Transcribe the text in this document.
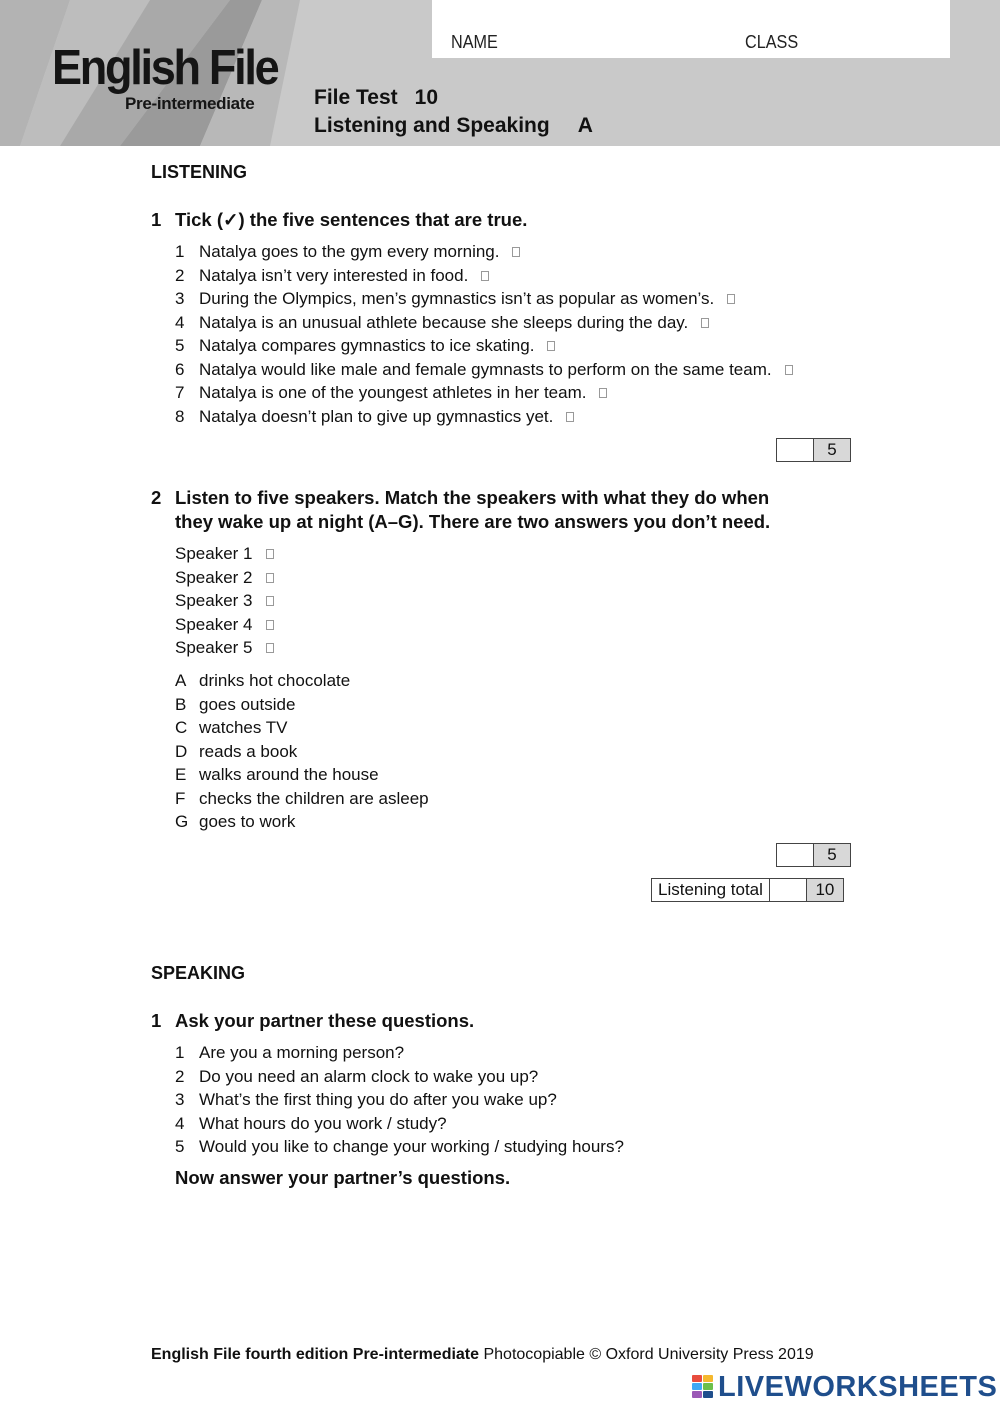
English File
Pre-intermediate
NAME	CLASS
File Test 10
Listening and Speaking A
LISTENING
1 Tick (✓) the five sentences that are true.
1 Natalya goes to the gym every morning.
2 Natalya isn’t very interested in food.
3 During the Olympics, men’s gymnastics isn’t as popular as women’s.
4 Natalya is an unusual athlete because she sleeps during the day.
5 Natalya compares gymnastics to ice skating.
6 Natalya would like male and female gymnasts to perform on the same team.
7 Natalya is one of the youngest athletes in her team.
8 Natalya doesn’t plan to give up gymnastics yet.
5
2 Listen to five speakers. Match the speakers with what they do when
they wake up at night (A–G). There are two answers you don’t need.
Speaker 1
Speaker 2
Speaker 3
Speaker 4
Speaker 5
A drinks hot chocolate
B goes outside
C watches TV
D reads a book
E walks around the house
F checks the children are asleep
G goes to work
5
Listening total	10
SPEAKING
1 Ask your partner these questions.
1 Are you a morning person?
2 Do you need an alarm clock to wake you up?
3 What’s the first thing you do after you wake up?
4 What hours do you work / study?
5 Would you like to change your working / studying hours?
Now answer your partner’s questions.
English File fourth edition Pre-intermediate Photocopiable © Oxford University Press 2019
LIVEWORKSHEETS
